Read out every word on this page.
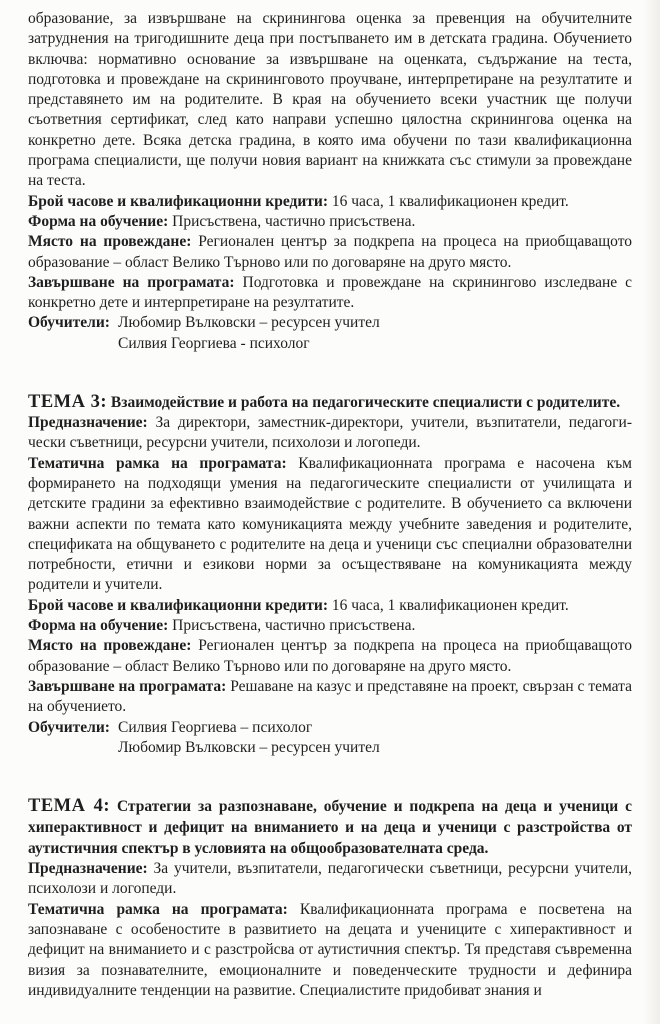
образование, за извършване на скринингова оценка за превенция на обучителните затруднения на тригодишните деца при постъпването им в детската градина. Обучението включва: нормативно основание за извършване на оценката, съдържание на теста, подготовка и провеждане на скрининговото проучване, интерпретиране на резултатите и представянето им на родителите. В края на обучението всеки участник ще получи съответния сертификат, след като направи успешно цялостна скринингова оценка на конкретно дете. Всяка детска градина, в която има обучени по тази квалификационна програма специалисти, ще получи новия вариант на книжката със стимули за провеждане на теста.

Брой часове и квалификационни кредити: 16 часа, 1 квалификационен кредит.

Форма на обучение: Присъствена, частично присъствена.

Място на провеждане: Регионален център за подкрепа на процеса на приобщаващото образование – област Велико Търново или по договаряне на друго място.

Завършване на програмата: Подготовка и провеждане на скринингово изследване с конкретно дете и интерпретиране на резултатите.

Обучители: Любомир Вълковски – ресурсен учител
Силвия Георгиева - психолог
ТЕМА 3: Взаимодействие и работа на педагогическите специалисти с родителите.

Предназначение: За директори, заместник-директори, учители, възпитатели, педагоги-чески съветници, ресурсни учители, психолози и логопеди.

Тематична рамка на програмата: Квалификационната програма е насочена към формирането на подходящи умения на педагогическите специалисти от училищата и детските градини за ефективно взаимодействие с родителите. В обучението са включени важни аспекти по темата като комуникацията между учебните заведения и родителите, спецификата на общуването с родителите на деца и ученици със специални образователни потребности, етични и езикови норми за осъществяване на комуникацията между родители и учители.

Брой часове и квалификационни кредити: 16 часа, 1 квалификационен кредит.

Форма на обучение: Присъствена, частично присъствена.

Място на провеждане: Регионален център за подкрепа на процеса на приобщаващото образование – област Велико Търново или по договаряне на друго място.

Завършване на програмата: Решаване на казус и представяне на проект, свързан с темата на обучението.

Обучители: Силвия Георгиева – психолог
Любомир Вълковски – ресурсен учител
ТЕМА 4: Стратегии за разпознаване, обучение и подкрепа на деца и ученици с хиперактивност и дефицит на вниманието и на деца и ученици с разстройства от аутистичния спектър в условията на общообразователната среда.

Предназначение: За учители, възпитатели, педагогически съветници, ресурсни учители, психолози и логопеди.

Тематична рамка на програмата: Квалификационната програма е посветена на запознаване с особеностите в развитието на децата и учениците с хиперактивност и дефицит на вниманието и с разстройсва от аутистичния спектър. Тя представя съвременна визия за познавателните, емоционалните и поведенческите трудности и дефинира индивидуалните тенденции на развитие. Специалистите придобиват знания и
